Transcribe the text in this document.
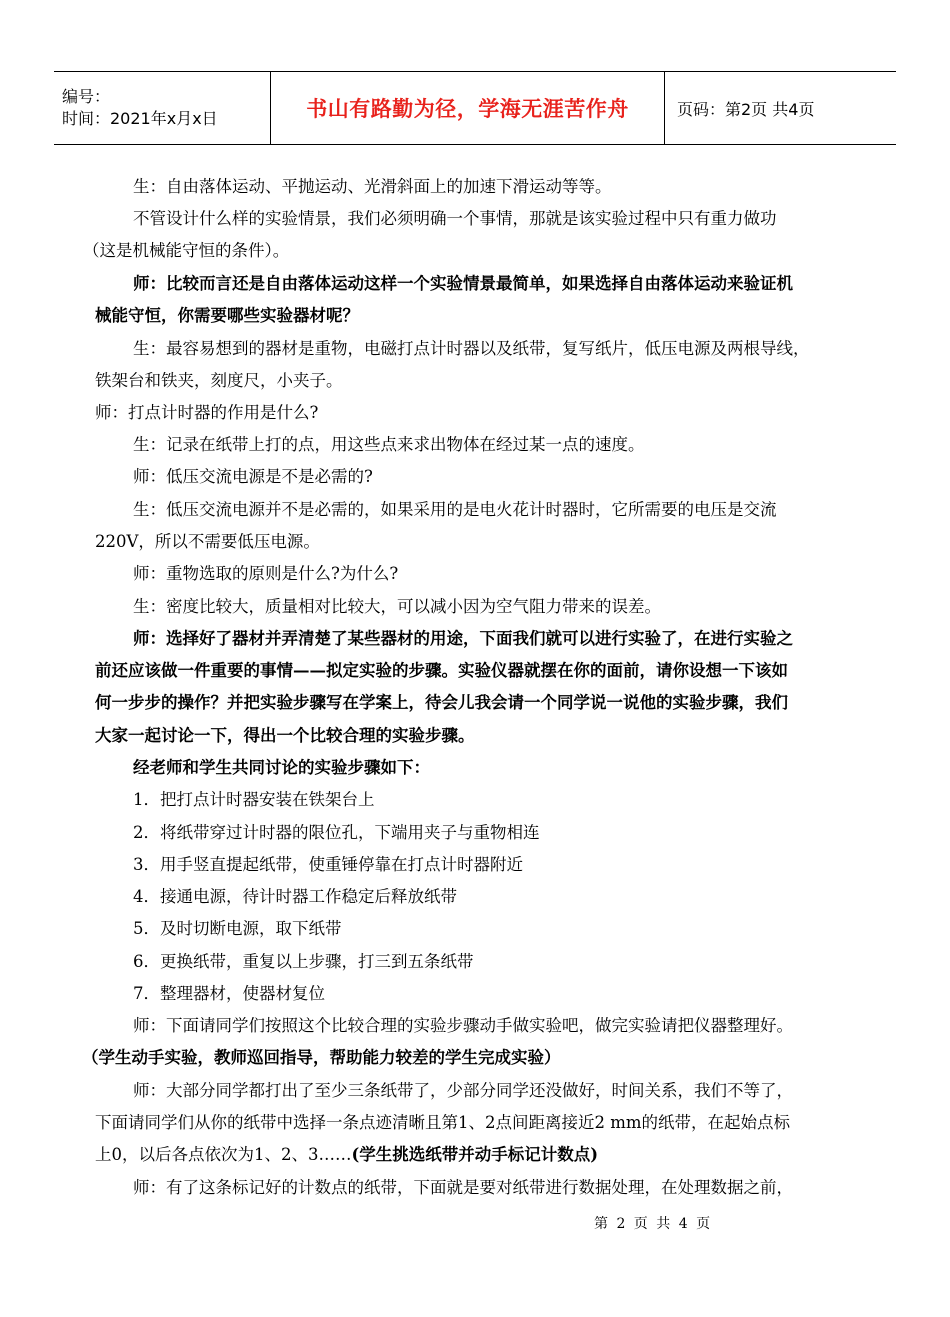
编号：
时间：2021年x月x日	书山有路勤为径，学海无涯苦作舟	页码：第2页 共4页
生：自由落体运动、平抛运动、光滑斜面上的加速下滑运动等等。
不管设计什么样的实验情景，我们必须明确一个事情，那就是该实验过程中只有重力做功
（这是机械能守恒的条件）。
师：比较而言还是自由落体运动这样一个实验情景最简单，如果选择自由落体运动来验证机
械能守恒，你需要哪些实验器材呢？
生：最容易想到的器材是重物，电磁打点计时器以及纸带，复写纸片，低压电源及两根导线，
铁架台和铁夹，刻度尺，小夹子。
师：打点计时器的作用是什么?
生：记录在纸带上打的点，用这些点来求出物体在经过某一点的速度。
师：低压交流电源是不是必需的?
生：低压交流电源并不是必需的，如果采用的是电火花计时器时，它所需要的电压是交流
220V，所以不需要低压电源。
师：重物选取的原则是什么?为什么?
生：密度比较大，质量相对比较大，可以减小因为空气阻力带来的误差。
师：选择好了器材并弄清楚了某些器材的用途，下面我们就可以进行实验了，在进行实验之
前还应该做一件重要的事情——拟定实验的步骤。实验仪器就摆在你的面前，请你设想一下该如
何一步步的操作？并把实验步骤写在学案上，待会儿我会请一个同学说一说他的实验步骤，我们
大家一起讨论一下，得出一个比较合理的实验步骤。
经老师和学生共同讨论的实验步骤如下：
1．把打点计时器安装在铁架台上
2．将纸带穿过计时器的限位孔，下端用夹子与重物相连
3．用手竖直提起纸带，使重锤停靠在打点计时器附近
4．接通电源，待计时器工作稳定后释放纸带
5．及时切断电源，取下纸带
6．更换纸带，重复以上步骤，打三到五条纸带
7．整理器材，使器材复位
师：下面请同学们按照这个比较合理的实验步骤动手做实验吧，做完实验请把仪器整理好。
（学生动手实验，教师巡回指导，帮助能力较差的学生完成实验）
师：大部分同学都打出了至少三条纸带了，少部分同学还没做好，时间关系，我们不等了，
下面请同学们从你的纸带中选择一条点迹清晰且第1、2点间距离接近2 mm的纸带，在起始点标
上0，以后各点依次为1、2、3……(学生挑选纸带并动手标记计数点)
师：有了这条标记好的计数点的纸带，下面就是要对纸带进行数据处理，在处理数据之前，
第 2 页 共 4 页
